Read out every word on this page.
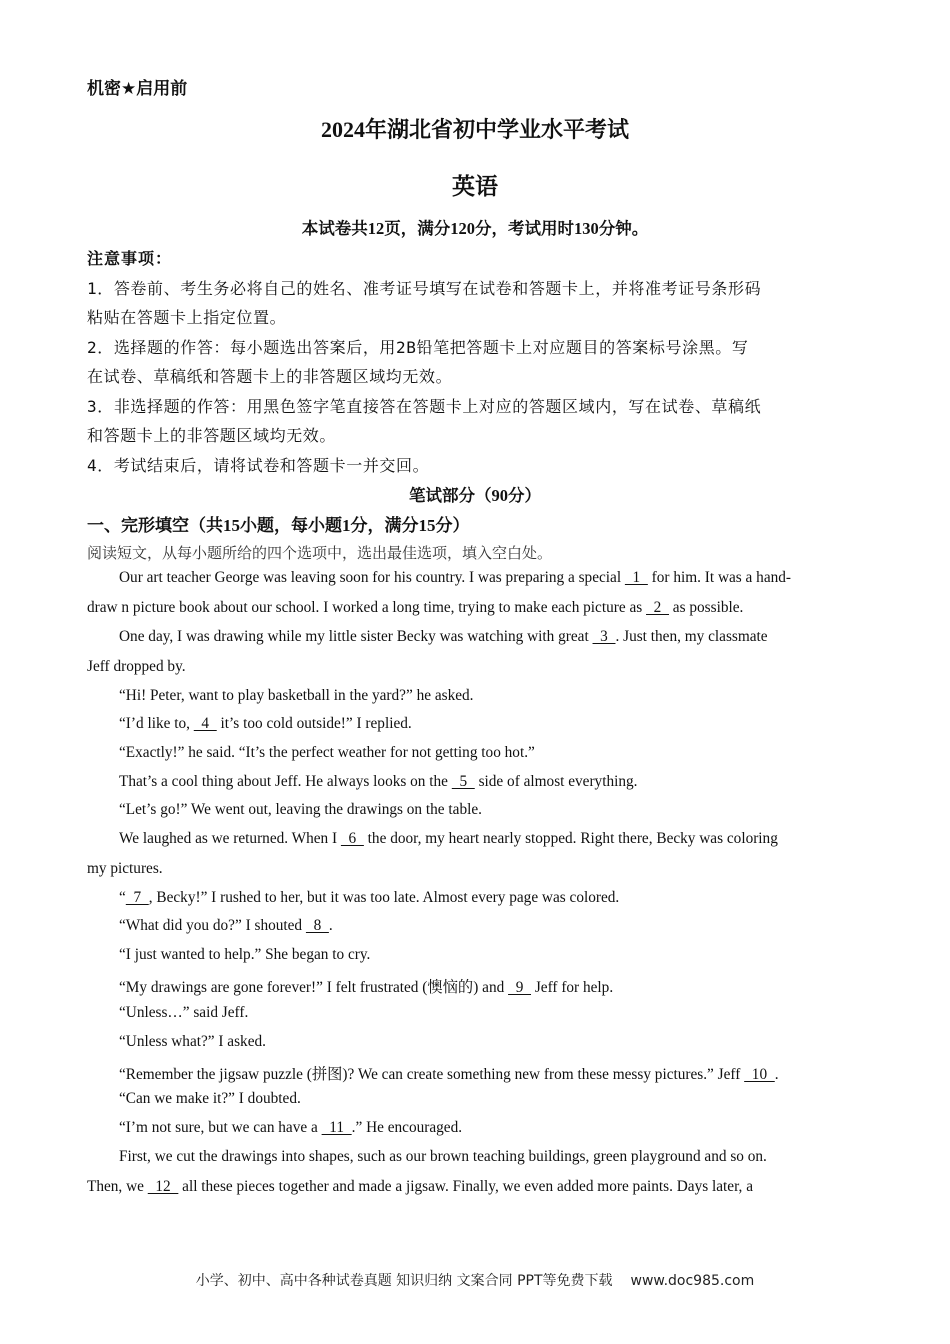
机密★启用前
2024年湖北省初中学业水平考试
英语
本试卷共12页，满分120分，考试用时130分钟。
注意事项：
1．答卷前、考生务必将自己的姓名、准考证号填写在试卷和答题卡上，并将准考证号条形码
粘贴在答题卡上指定位置。
2．选择题的作答：每小题选出答案后，用2B铅笔把答题卡上对应题目的答案标号涂黑。写
在试卷、草稿纸和答题卡上的非答题区域均无效。
3．非选择题的作答：用黑色签字笔直接答在答题卡上对应的答题区域内，写在试卷、草稿纸
和答题卡上的非答题区域均无效。
4．考试结束后，请将试卷和答题卡一并交回。
笔试部分（90分）
一、完形填空（共15小题，每小题1分，满分15分）
阅读短文，从每小题所给的四个选项中，选出最佳选项，填入空白处。
Our art teacher George was leaving soon for his country. I was preparing a special   1   for him. It was a hand-
draw n picture book about our school. I worked a long time, trying to make each picture as   2   as possible.
One day, I was drawing while my little sister Becky was watching with great   3  . Just then, my classmate
Jeff dropped by.
“Hi! Peter, want to play basketball in the yard?” he asked.
“I’d like to,   4   it’s too cold outside!” I replied.
“Exactly!” he said. “It’s the perfect weather for not getting too hot.”
That’s a cool thing about Jeff. He always looks on the   5   side of almost everything.
“Let’s go!” We went out, leaving the drawings on the table.
We laughed as we returned. When I   6   the door, my heart nearly stopped. Right there, Becky was coloring
my pictures.
“  7  , Becky!” I rushed to her, but it was too late. Almost every page was colored.
“What did you do?” I shouted   8  .
“I just wanted to help.” She began to cry.
“My drawings are gone forever!” I felt frustrated (懊恼的) and   9   Jeff for help.
“Unless…” said Jeff.
“Unless what?” I asked.
“Remember the jigsaw puzzle (拼图)? We can create something new from these messy pictures.” Jeff   10  .
“Can we make it?” I doubted.
“I’m not sure, but we can have a   11  .” He encouraged.
First, we cut the drawings into shapes, such as our brown teaching buildings, green playground and so on.
Then, we   12   all these pieces together and made a jigsaw. Finally, we even added more paints. Days later, a
小学、初中、高中各种试卷真题 知识归纳 文案合同 PPT等免费下载 www.doc985.com
